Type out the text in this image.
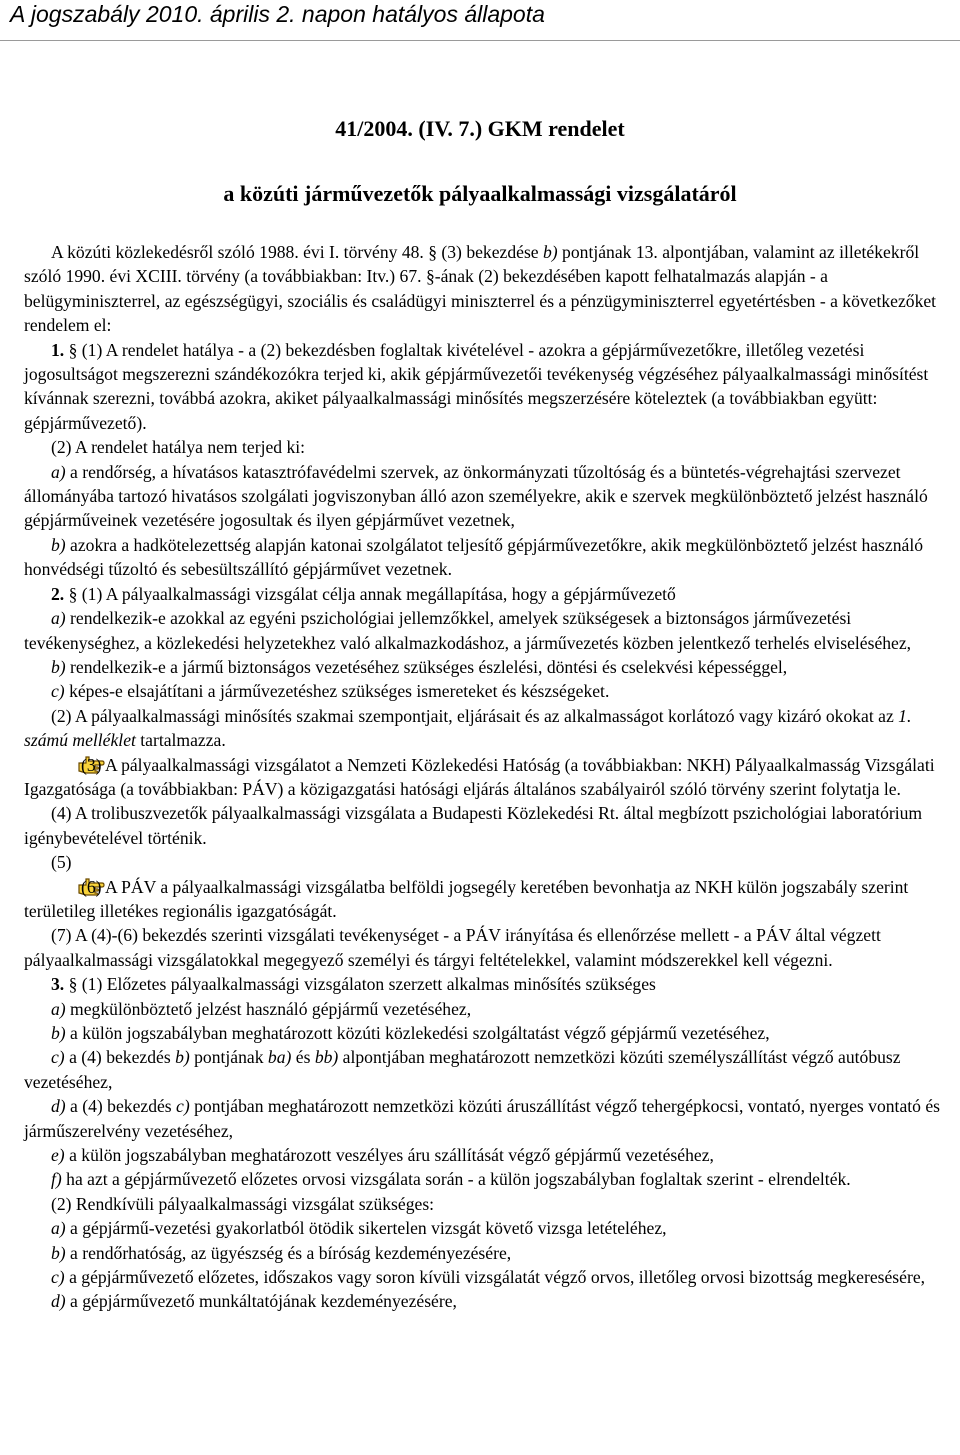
A jogszabály 2010. április 2. napon hatályos állapota
41/2004. (IV. 7.) GKM rendelet
a közúti járművezetők pályaalkalmassági vizsgálatáról

A közúti közlekedésről szóló 1988. évi I. törvény 48. § (3) bekezdése b) pontjának 13. alpontjában, valamint az illetékekről szóló 1990. évi XCIII. törvény (a továbbiakban: Itv.) 67. §-ának (2) bekezdésében kapott felhatalmazás alapján - a belügyminiszterrel, az egészségügyi, szociális és családügyi miniszterrel és a pénzügyminiszterrel egyetértésben - a következőket rendelem el:

1. § (1) A rendelet hatálya - a (2) bekezdésben foglaltak kivételével - azokra a gépjárművezetőkre, illetőleg vezetési jogosultságot megszerezni szándékozókra terjed ki, akik gépjárművezetői tevékenység végzéséhez pályaalkalmassági minősítést kívánnak szerezni, továbbá azokra, akiket pályaalkalmassági minősítés megszerzésére köteleztek (a továbbiakban együtt: gépjárművezető).

(2) A rendelet hatálya nem terjed ki:

a) a rendőrség, a hívatásos katasztrófavédelmi szervek, az önkormányzati tűzoltóság és a büntetés-végrehajtási szervezet állományába tartozó hivatásos szolgálati jogviszonyban álló azon személyekre, akik e szervek megkülönböztető jelzést használó gépjárműveinek vezetésére jogosultak és ilyen gépjárművet vezetnek,

b) azokra a hadkötelezettség alapján katonai szolgálatot teljesítő gépjárművezetőkre, akik megkülönböztető jelzést használó honvédségi tűzoltó és sebesültszállító gépjárművet vezetnek.

2. § (1) A pályaalkalmassági vizsgálat célja annak megállapítása, hogy a gépjárművezető

a) rendelkezik-e azokkal az egyéni pszichológiai jellemzőkkel, amelyek szükségesek a biztonságos járművezetési tevékenységhez, a közlekedési helyzetekhez való alkalmazkodáshoz, a járművezetés közben jelentkező terhelés elviseléséhez,

b) rendelkezik-e a jármű biztonságos vezetéséhez szükséges észlelési, döntési és cselekvési képességgel,

c) képes-e elsajátítani a járművezetéshez szükséges ismereteket és készségeket.

(2) A pályaalkalmassági minősítés szakmai szempontjait, eljárásait és az alkalmasságot korlátozó vagy kizáró okokat az 1. számú melléklet tartalmazza.

(3) A pályaalkalmassági vizsgálatot a Nemzeti Közlekedési Hatóság (a továbbiakban: NKH) Pályaalkalmasság Vizsgálati Igazgatósága (a továbbiakban: PÁV) a közigazgatási hatósági eljárás általános szabályairól szóló törvény szerint folytatja le.

(4) A trolibuszvezetők pályaalkalmassági vizsgálata a Budapesti Közlekedési Rt. által megbízott pszichológiai laboratórium igénybevételével történik.

(5)

(6) A PÁV a pályaalkalmassági vizsgálatba belföldi jogsegély keretében bevonhatja az NKH külön jogszabály szerint területileg illetékes regionális igazgatóságát.

(7) A (4)-(6) bekezdés szerinti vizsgálati tevékenységet - a PÁV irányítása és ellenőrzése mellett - a PÁV által végzett pályaalkalmassági vizsgálatokkal megegyező személyi és tárgyi feltételekkel, valamint módszerekkel kell végezni.

3. § (1) Előzetes pályaalkalmassági vizsgálaton szerzett alkalmas minősítés szükséges

a) megkülönböztető jelzést használó gépjármű vezetéséhez,

b) a külön jogszabályban meghatározott közúti közlekedési szolgáltatást végző gépjármű vezetéséhez,

c) a (4) bekezdés b) pontjának ba) és bb) alpontjában meghatározott nemzetközi közúti személyszállítást végző autóbusz vezetéséhez,

d) a (4) bekezdés c) pontjában meghatározott nemzetközi közúti áruszállítást végző tehergépkocsi, vontató, nyerges vontató és járműszerelvény vezetéséhez,

e) a külön jogszabályban meghatározott veszélyes áru szállítását végző gépjármű vezetéséhez,

f) ha azt a gépjárművezető előzetes orvosi vizsgálata során - a külön jogszabályban foglaltak szerint - elrendelték.

(2) Rendkívüli pályaalkalmassági vizsgálat szükséges:

a) a gépjármű-vezetési gyakorlatból ötödik sikertelen vizsgát követő vizsga letételéhez,

b) a rendőrhatóság, az ügyészség és a bíróság kezdeményezésére,

c) a gépjárművezető előzetes, időszakos vagy soron kívüli vizsgálatát végző orvos, illetőleg orvosi bizottság megkeresésére,

d) a gépjárművezető munkáltatójának kezdeményezésére,
